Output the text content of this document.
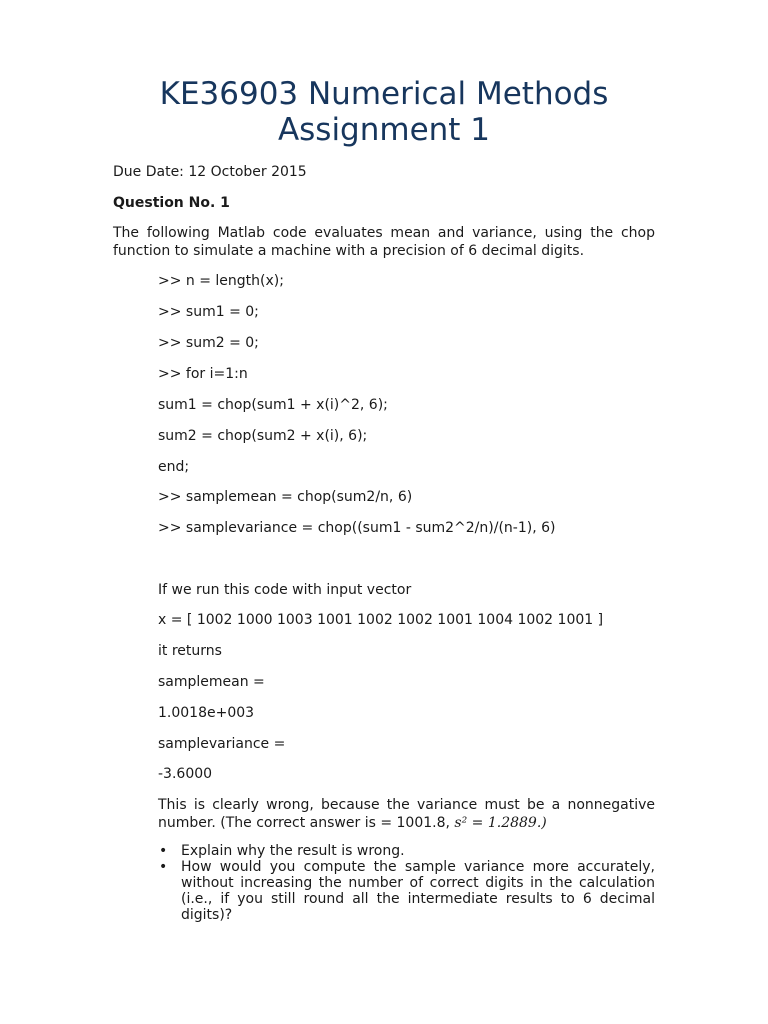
KE36903 Numerical Methods
Assignment 1

Due Date: 12 October 2015

Question No. 1

The following Matlab code evaluates mean and variance, using the chop function to simulate a machine with a precision of 6 decimal digits.

>> n = length(x);

>> sum1 = 0;

>> sum2 = 0;

>> for i=1:n

sum1 = chop(sum1 + x(i)^2, 6);

sum2 = chop(sum2 + x(i), 6);

end;

>> samplemean = chop(sum2/n, 6)

>> samplevariance = chop((sum1 - sum2^2/n)/(n-1), 6)

If we run this code with input vector

x = [ 1002 1000 1003 1001 1002 1002 1001 1004 1002 1001 ]

it returns

samplemean =

1.0018e+003

samplevariance =

-3.6000

This is clearly wrong, because the variance must be a nonnegative number. (The correct answer is = 1001.8, s² = 1.2889.)

• Explain why the result is wrong.
• How would you compute the sample variance more accurately, without increasing the number of correct digits in the calculation (i.e., if you still round all the intermediate results to 6 decimal digits)?
